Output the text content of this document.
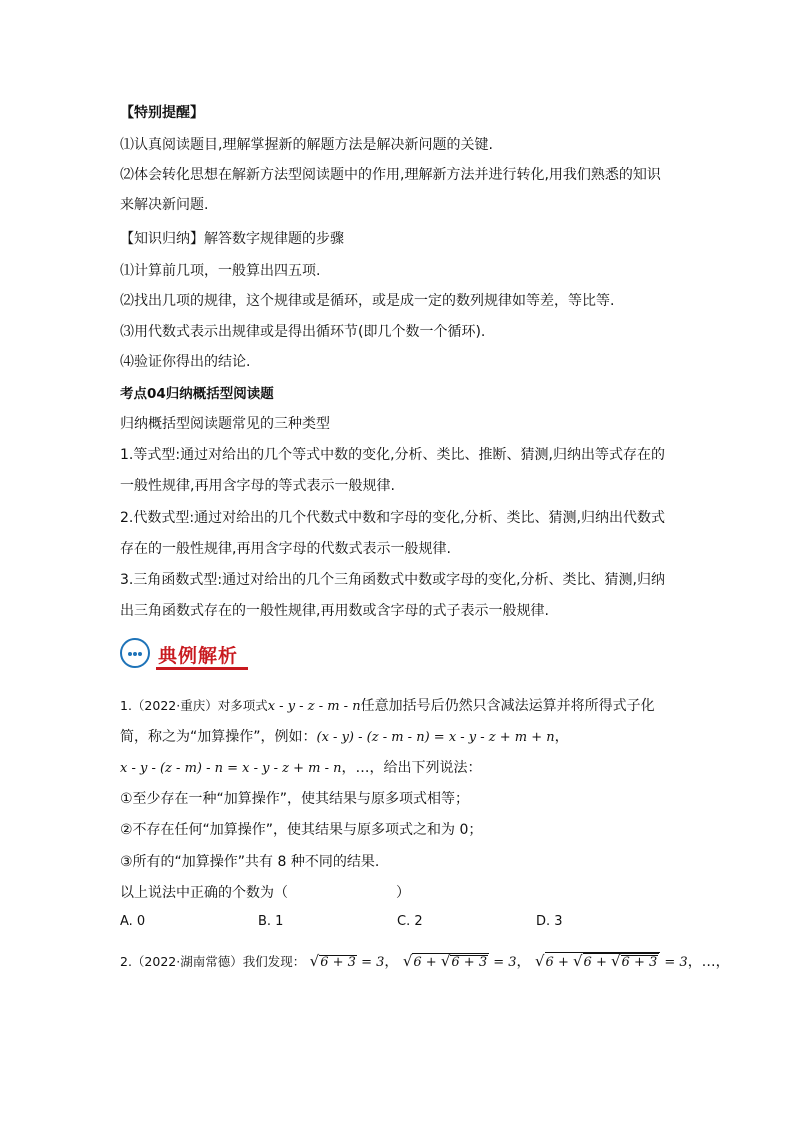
【特别提醒】
⑴认真阅读题目,理解掌握新的解题方法是解决新问题的关键.
⑵体会转化思想在解新方法型阅读题中的作用,理解新方法并进行转化,用我们熟悉的知识
来解决新问题.
【知识归纳】解答数字规律题的步骤
⑴计算前几项，一般算出四五项.
⑵找出几项的规律，这个规律或是循环，或是成一定的数列规律如等差，等比等.
⑶用代数式表示出规律或是得出循环节(即几个数一个循环).
⑷验证你得出的结论.
考点04归纳概括型阅读题
归纳概括型阅读题常见的三种类型
1.等式型:通过对给出的几个等式中数的变化,分析、类比、推断、猜测,归纳出等式存在的
一般性规律,再用含字母的等式表示一般规律.
2.代数式型:通过对给出的几个代数式中数和字母的变化,分析、类比、猜测,归纳出代数式
存在的一般性规律,再用含字母的代数式表示一般规律.
3.三角函数式型:通过对给出的几个三角函数式中数或字母的变化,分析、类比、猜测,归纳
出三角函数式存在的一般性规律,再用数或含字母的式子表示一般规律.
典例解析
1.（2022·重庆）对多项式x - y - z - m - n任意加括号后仍然只含减法运算并将所得式子化
简，称之为“加算操作”，例如：(x - y) - (z - m - n) = x - y - z + m + n，
x - y - (z - m) - n = x - y - z + m - n，…，给出下列说法：
①至少存在一种“加算操作”，使其结果与原多项式相等；
②不存在任何“加算操作”，使其结果与原多项式之和为 0；
③所有的“加算操作”共有 8 种不同的结果.
以上说法中正确的个数为（	）
A. 0	B. 1	C. 2	D. 3
2.（2022·湖南常德）我们发现： √6 + 3 = 3， √6 + √6 + 3 = 3， √6 + √6 + √6 + 3 = 3，…，
